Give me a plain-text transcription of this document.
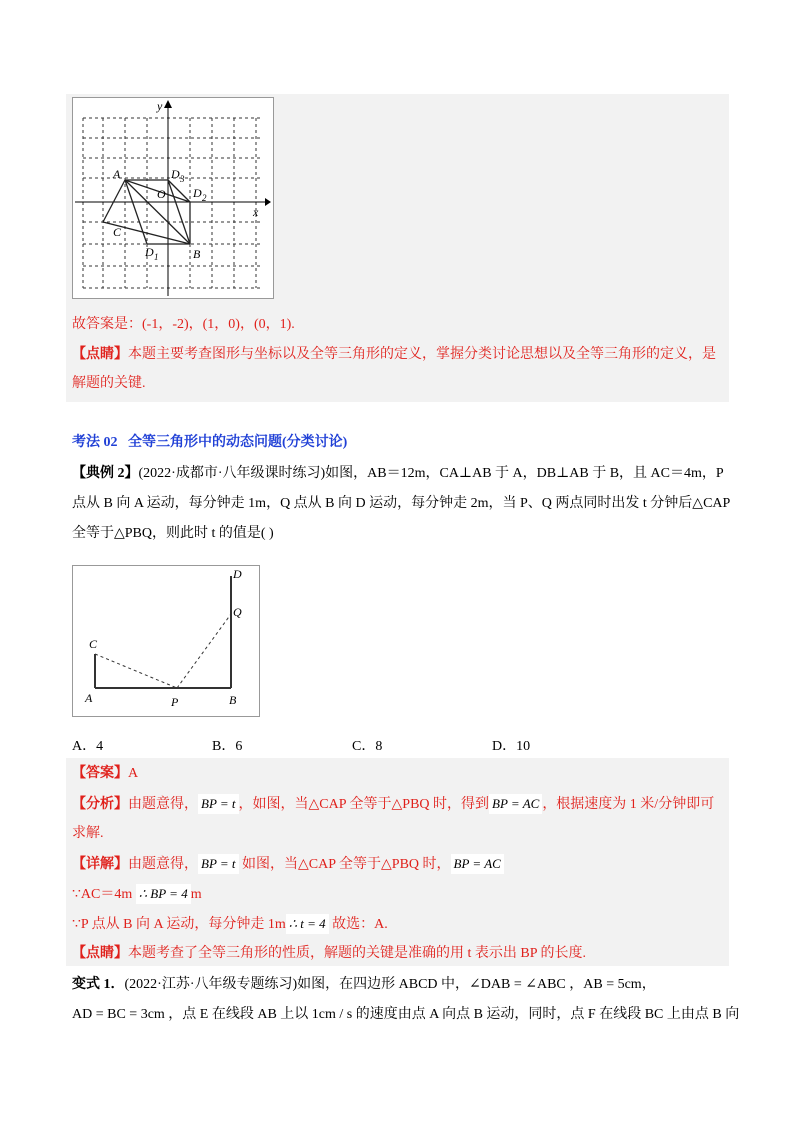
x
y
A
B
C
O
D 1
D 2
D 3
故答案是：(-1，-2)，(1，0)，(0，1).
【点睛】本题主要考查图形与坐标以及全等三角形的定义，掌握分类讨论思想以及全等三角形的定义，是
解题的关键.
考法 02 全等三角形中的动态问题(分类讨论)
【典例 2】(2022·成都市·八年级课时练习)如图，AB＝12m，CA⊥AB 于 A，DB⊥AB 于 B，且 AC＝4m，P
点从 B 向 A 运动，每分钟走 1m，Q 点从 B 向 D 运动，每分钟走 2m，当 P、Q 两点同时出发 t 分钟后△CAP
全等于△PBQ，则此时 t 的值是( )
A	B
C
D
P
Q
A．4	B．6	C．8	D．10
【答案】A
【分析】由题意得， BP = t ，如图，当△CAP 全等于△PBQ 时，得到 BP = AC ，根据速度为 1 米/分钟即可
求解.
【详解】由题意得， BP = t 如图，当△CAP 全等于△PBQ 时， BP = AC
∵AC＝4m ∴ BP = 4 m
∵P 点从 B 向 A 运动，每分钟走 1m ∴ t = 4 故选：A.
【点睛】本题考查了全等三角形的性质，解题的关键是准确的用 t 表示出 BP 的长度.
变式 1．(2022·江苏·八年级专题练习)如图，在四边形 ABCD 中，∠DAB = ∠ABC ，AB = 5cm，
AD = BC = 3cm ，点 E 在线段 AB 上以 1cm / s 的速度由点 A 向点 B 运动，同时，点 F 在线段 BC 上由点 B 向
